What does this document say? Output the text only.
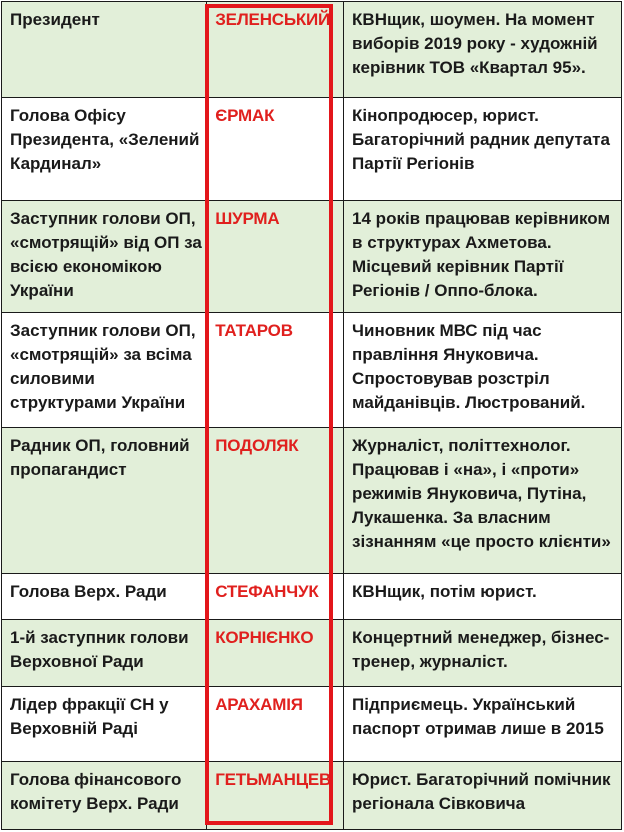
Президент	ЗЕЛЕНСЬКИЙ	КВНщик, шоумен. На момент виборів 2019 року - художній керівник ТОВ «Квартал 95».
Голова Офісу Президента, «Зелений Кардинал»	ЄРМАК	Кінопродюсер, юрист. Багаторічний радник депутата Партії Регіонів
Заступник голови ОП, «смотрящій» від ОП за всією економікою України	ШУРМА	14 років працював керівником в структурах Ахметова. Місцевий керівник Партії Регіонів / Оппо-блока.
Заступник голови ОП, «смотрящій» за всіма силовими структурами України	ТАТАРОВ	Чиновник МВС під час правління Януковича. Спростовував розстріл майданівців. Люстрований.
Радник ОП, головний пропагандист	ПОДОЛЯК	Журналіст, політтехнолог. Працював і «на», і «проти» режимів Януковича, Путіна, Лукашенка. За власним зізнанням «це просто клієнти»
Голова Верх. Ради	СТЕФАНЧУК	КВНщик, потім юрист.
1-й заступник голови Верховної Ради	КОРНІЄНКО	Концертний менеджер, бізнес-тренер, журналіст.
Лідер фракції СН у Верховній Раді	АРАХАМІЯ	Підприємець. Український паспорт отримав лише в 2015
Голова фінансового комітету Верх. Ради	ГЕТЬМАНЦЕВ	Юрист. Багаторічний помічник регіонала Сівковича
